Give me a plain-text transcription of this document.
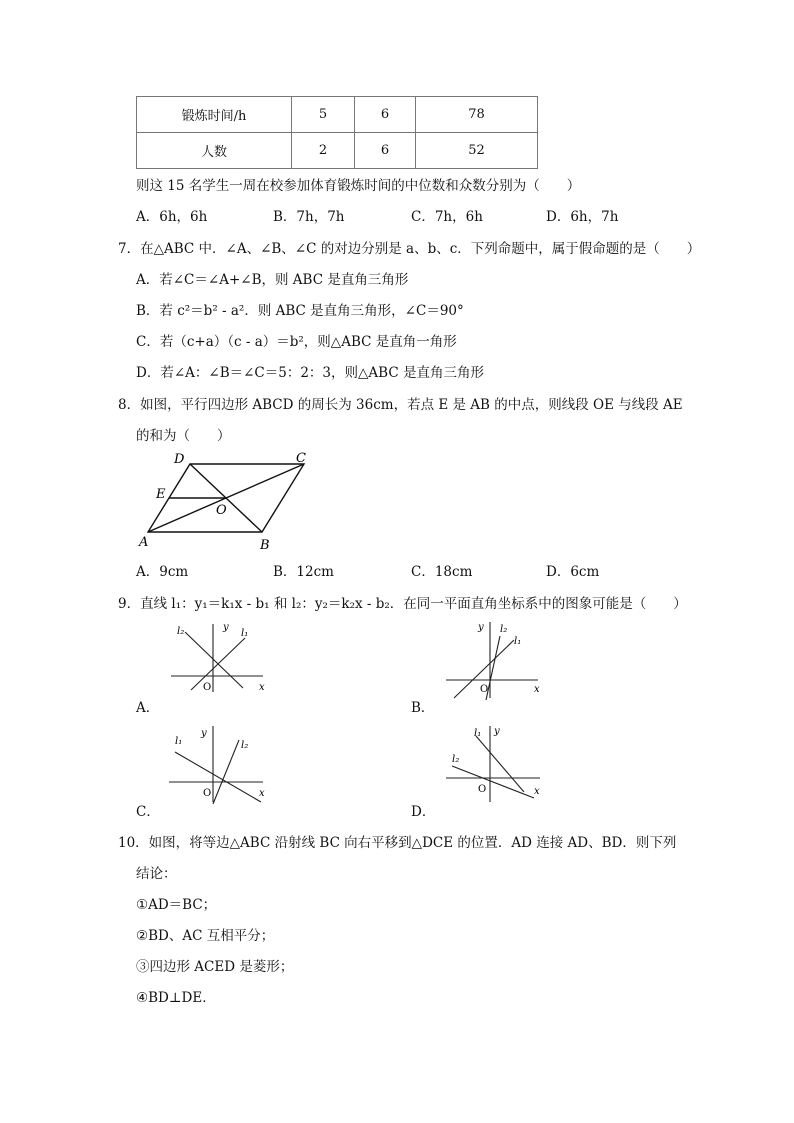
锻炼时间/h	5	6	78
人数	2	6	52
则这 15 名学生一周在校参加体育锻炼时间的中位数和众数分别为（　　）
A．6h，6h	B．7h，7h	C．7h，6h	D．6h，7h
7．在△ABC 中．∠A、∠B、∠C 的对边分别是 a、b、c．下列命题中，属于假命题的是（　　）
A．若∠C＝∠A+∠B，则 ABC 是直角三角形
B．若 c²＝b² - a²．则 ABC 是直角三角形，∠C＝90°
C．若（c+a）（c - a）＝b²，则△ABC 是直角一角形
D．若∠A：∠B＝∠C＝5：2：3，则△ABC 是直角三角形
8．如图，平行四边形 ABCD 的周长为 36cm，若点 E 是 AB 的中点，则线段 OE 与线段 AE
的和为（　　）
D	C
E
O
A	B
A．9cm	B．12cm	C．18cm	D．6cm
9．直线 l₁：y₁＝k₁x - b₁ 和 l₂：y₂＝k₂x - b₂．在同一平面直角坐标系中的图象可能是（　　）
l₂	l₁
y
x
O
A．
y l₂
l₁
x
O
B．
l₁
y
l₂
x
O
C．
l₂
l₁ y
x
O
D．
10．如图，将等边△ABC 沿射线 BC 向右平移到△DCE 的位置．AD 连接 AD、BD．则下列
结论：
①AD＝BC；
②BD、AC 互相平分；
③四边形 ACED 是菱形；
④BD⊥DE．
